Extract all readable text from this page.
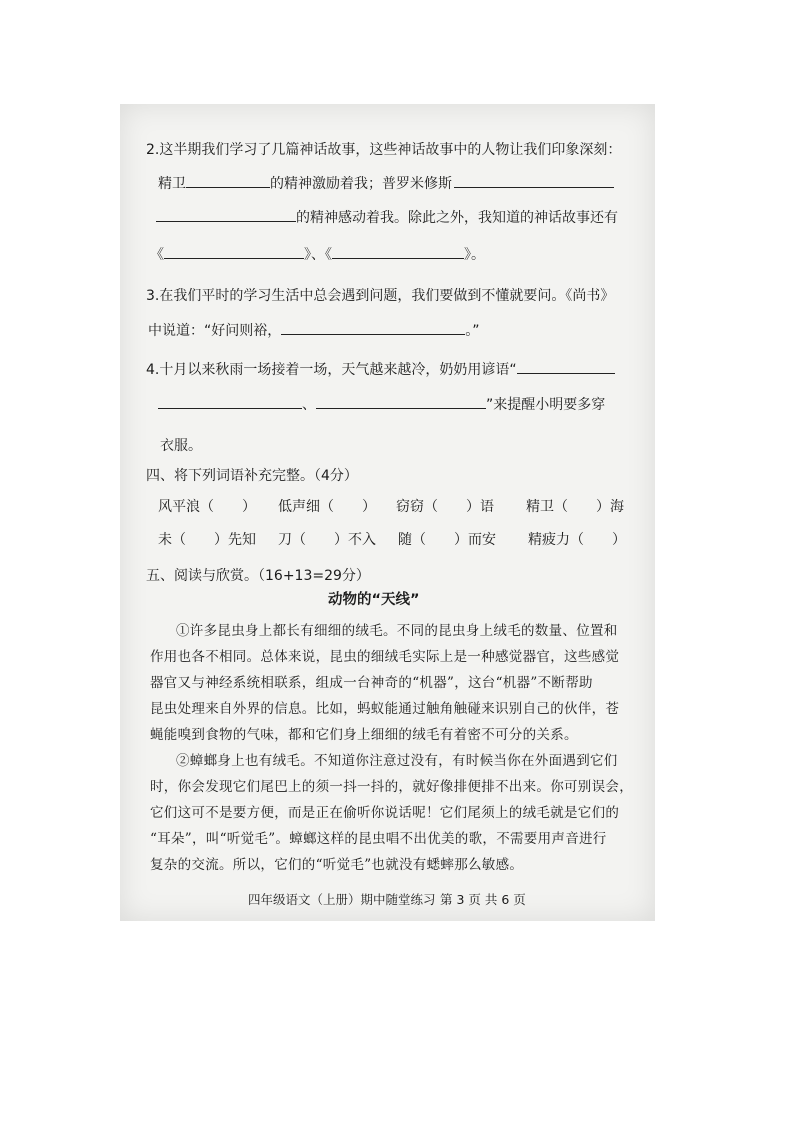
2.这半期我们学习了几篇神话故事，这些神话故事中的人物让我们印象深刻：
精卫	的精神激励着我；普罗米修斯
的精神感动着我。除此之外，我知道的神话故事还有
《	》、《	》。
3.在我们平时的学习生活中总会遇到问题，我们要做到不懂就要问。《尚书》
中说道：“好问则裕，	。”
4.十月以来秋雨一场接着一场，天气越来越冷，奶奶用谚语“
、	”来提醒小明要多穿
衣服。
四、将下列词语补充完整。（4分）
风平浪（　　） 低声细（　　） 窃窃（　　）语 精卫（　　）海
未（　　）先知 刀（　　）不入 随（　　）而安 精疲力（　　）
五、阅读与欣赏。（16+13=29分）
动物的“天线”
①许多昆虫身上都长有细细的绒毛。不同的昆虫身上绒毛的数量、位置和
作用也各不相同。总体来说，昆虫的细绒毛实际上是一种感觉器官，这些感觉
器官又与神经系统相联系，组成一台神奇的“机器”，这台“机器”不断帮助
昆虫处理来自外界的信息。比如，蚂蚁能通过触角触碰来识别自己的伙伴，苍
蝇能嗅到食物的气味，都和它们身上细细的绒毛有着密不可分的关系。
②蟑螂身上也有绒毛。不知道你注意过没有，有时候当你在外面遇到它们
时，你会发现它们尾巴上的须一抖一抖的，就好像排便排不出来。你可别误会，
它们这可不是要方便，而是正在偷听你说话呢！它们尾须上的绒毛就是它们的
“耳朵”，叫“听觉毛”。蟑螂这样的昆虫唱不出优美的歌，不需要用声音进行
复杂的交流。所以，它们的“听觉毛”也就没有蟋蟀那么敏感。
四年级语文（上册）期中随堂练习 第 3 页 共 6 页
